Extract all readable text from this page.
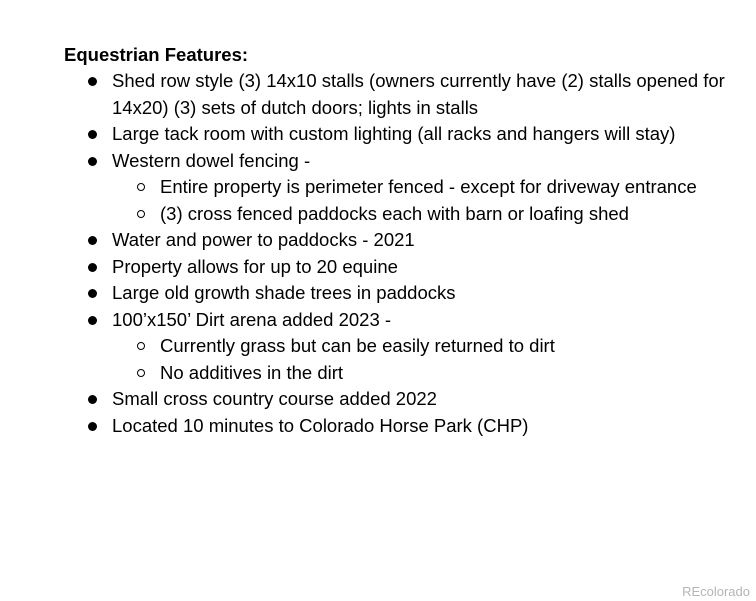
Equestrian Features:

Shed row style (3) 14x10 stalls (owners currently have (2) stalls opened for 14x20) (3) sets of dutch doors; lights in stalls
Large tack room with custom lighting (all racks and hangers will stay)
Western dowel fencing -
Entire property is perimeter fenced - except for driveway entrance
(3) cross fenced paddocks each with barn or loafing shed
Water and power to paddocks - 2021
Property allows for up to 20 equine
Large old growth shade trees in paddocks
100’x150’ Dirt arena added 2023 -
Currently grass but can be easily returned to dirt
No additives in the dirt
Small cross country course added 2022
Located 10 minutes to Colorado Horse Park (CHP)
REcolorado
